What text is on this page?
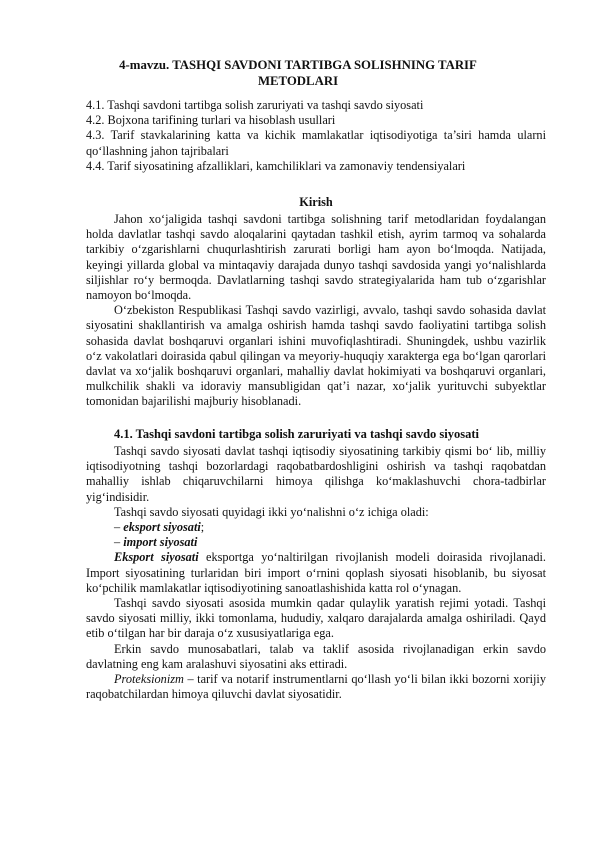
4-mavzu. TASHQI SAVDONI TARTIBGA SOLISHNING TARIF METODLARI

4.1. Tashqi savdoni tartibga solish zaruriyati va tashqi savdo siyosati

4.2. Bojxona tarifining turlari va hisoblash usullari

4.3. Tarif stavkalarining katta va kichik mamlakatlar iqtisodiyotiga ta’siri hamda ularni qo‘llashning jahon tajribalari

4.4. Tarif siyosatining afzalliklari, kamchiliklari va zamonaviy tendensiyalari

Kirish

Jahon xo‘jaligida tashqi savdoni tartibga solishning tarif metodlaridan foydalangan holda davlatlar tashqi savdo aloqalarini qaytadan tashkil etish, ayrim tarmoq va sohalarda tarkibiy o‘zgarishlarni chuqurlashtirish zarurati borligi ham ayon bo‘lmoqda. Natijada, keyingi yillarda global va mintaqaviy darajada dunyo tashqi savdosida yangi yo‘nalishlarda siljishlar ro‘y bermoqda. Davlatlarning tashqi savdo strategiyalarida ham tub o‘zgarishlar namoyon bo‘lmoqda.

O‘zbekiston Respublikasi Tashqi savdo vazirligi, avvalo, tashqi savdo sohasida davlat siyosatini shakllantirish va amalga oshirish hamda tashqi savdo faoliyatini tartibga solish sohasida davlat boshqaruvi organlari ishini muvofiqlashtiradi. Shuningdek, ushbu vazirlik o‘z vakolatlari doirasida qabul qilingan va meyoriy-huquqiy xarakterga ega bo‘lgan qarorlari davlat va xo‘jalik boshqaruvi organlari, mahalliy davlat hokimiyati va boshqaruvi organlari, mulkchilik shakli va idoraviy mansubligidan qat’i nazar, xo‘jalik yurituvchi subyektlar tomonidan bajarilishi majburiy hisoblanadi.

4.1. Tashqi savdoni tartibga solish zaruriyati va tashqi savdo siyosati

Tashqi savdo siyosati davlat tashqi iqtisodiy siyosatining tarkibiy qismi bo‘ lib, milliy iqtisodiyotning tashqi bozorlardagi raqobatbardoshligini oshirish va tashqi raqobatdan mahalliy ishlab chiqaruvchilarni himoya qilishga ko‘maklashuvchi chora-tadbirlar yig‘indisidir.

Tashqi savdo siyosati quyidagi ikki yo‘nalishni o‘z ichiga oladi:

– eksport siyosati;

– import siyosati

Eksport siyosati eksportga yo‘naltirilgan rivojlanish modeli doirasida rivojlanadi. Import siyosatining turlaridan biri import o‘rnini qoplash siyosati hisoblanib, bu siyosat ko‘pchilik mamlakatlar iqtisodiyotining sanoatlashishida katta rol o‘ynagan.

Tashqi savdo siyosati asosida mumkin qadar qulaylik yaratish rejimi yotadi. Tashqi savdo siyosati milliy, ikki tomonlama, hududiy, xalqaro darajalarda amalga oshiriladi. Qayd etib o‘tilgan har bir daraja o‘z xususiyatlariga ega.

Erkin savdo munosabatlari, talab va taklif asosida rivojlanadigan erkin savdo davlatning eng kam aralashuvi siyosatini aks ettiradi.

Proteksionizm – tarif va notarif instrumentlarni qo‘llash yo‘li bilan ikki bozorni xorijiy raqobatchilardan himoya qiluvchi davlat siyosatidir.
